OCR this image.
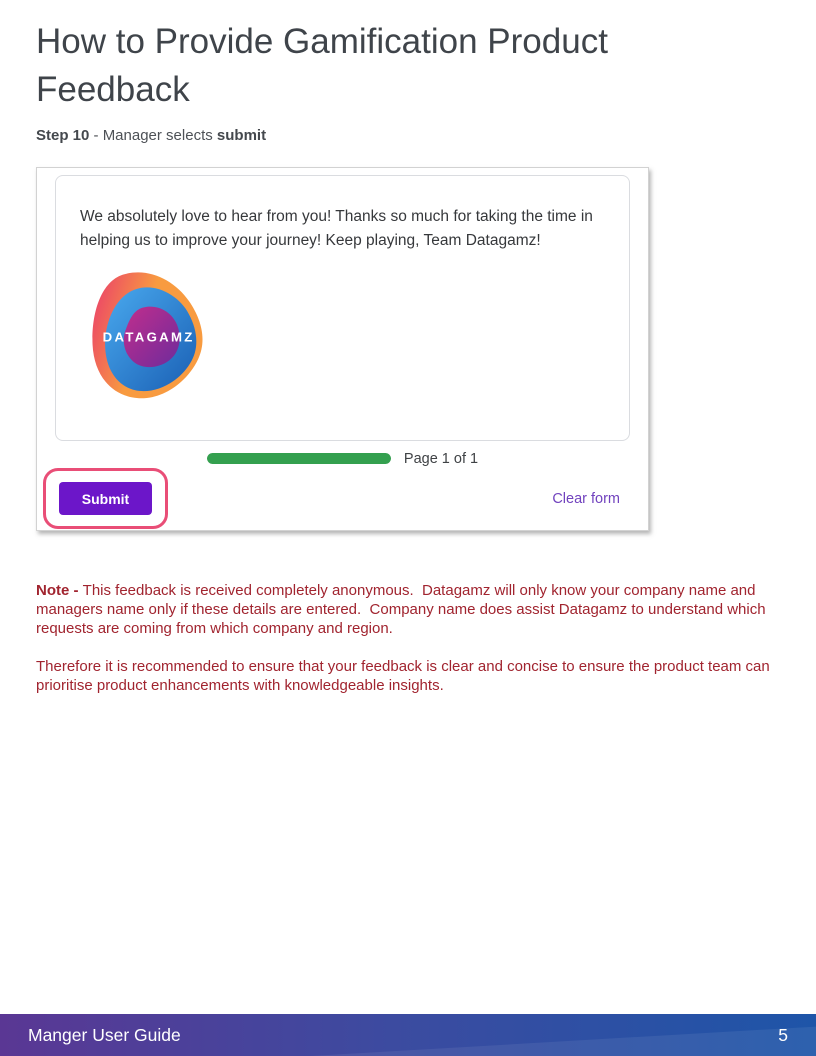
How to Provide Gamification Product Feedback

Step 10 - Manager selects submit

We absolutely love to hear from you! Thanks so much for taking the time in helping us to improve your journey! Keep playing, Team Datagamz!

DATAGAMZ
Page 1 of 1
Submit	Clear form

Note - This feedback is received completely anonymous.  Datagamz will only know your company name and managers name only if these details are entered.  Company name does assist Datagamz to understand which requests are coming from which company and region.

Therefore it is recommended to ensure that your feedback is clear and concise to ensure the product team can prioritise product enhancements with knowledgeable insights.

Manger User Guide	5
